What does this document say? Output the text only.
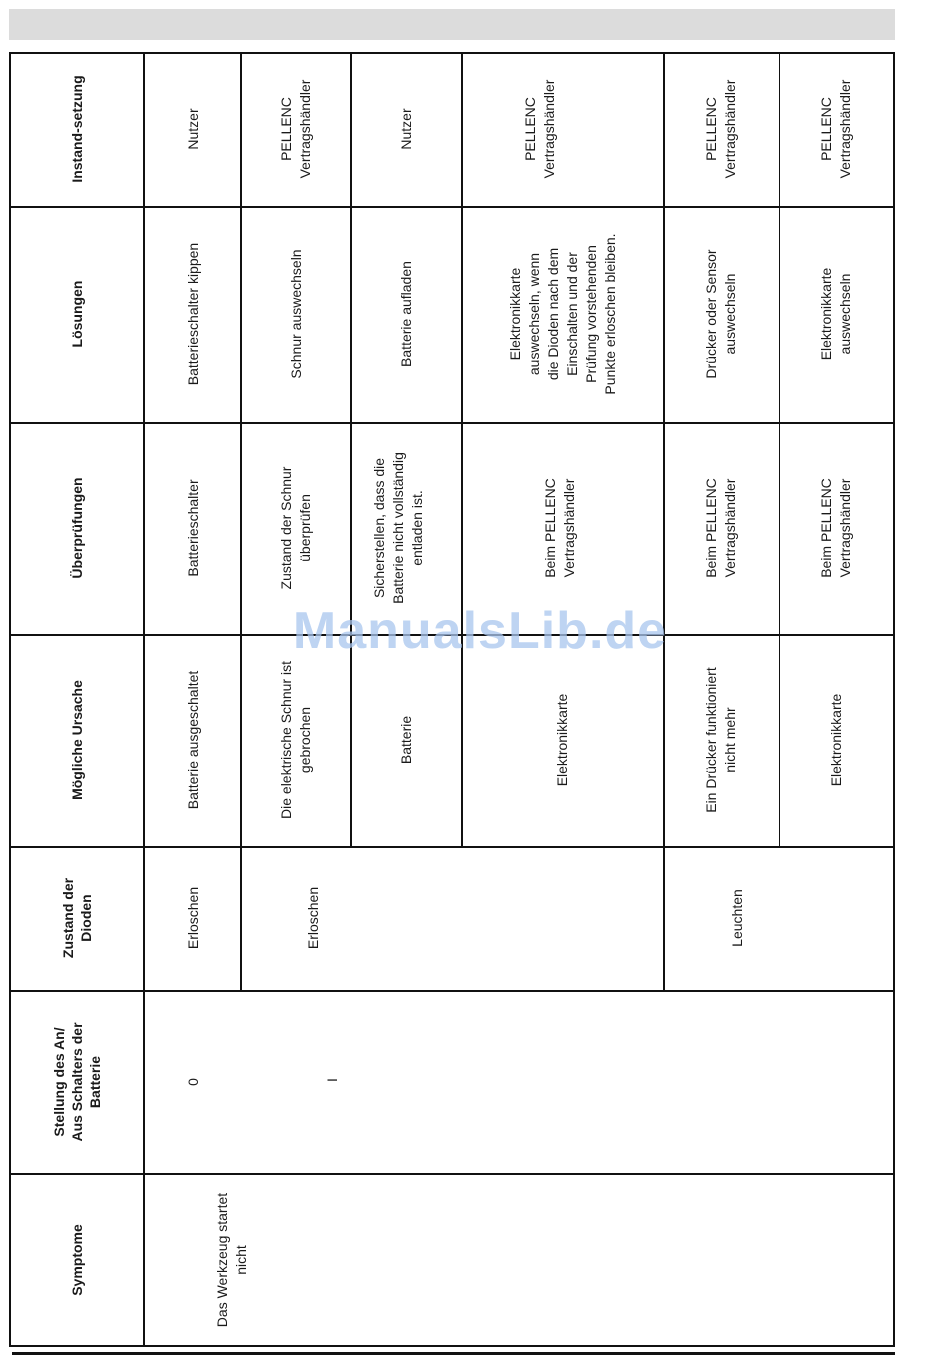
Instand-setzung
Lösungen
Überprüfungen
Mögliche Ursache
Zustand der
Dioden
Stellung des An/
Aus Schalters der
Batterie
Symptome
Nutzer
Batterieschalter kippen
Batterieschalter
Batterie ausgeschaltet
Erloschen
0
PELLENC
Vertragshändler
Schnur auswechseln
Zustand der Schnur
überprüfen
Die elektrische Schnur ist
gebrochen
Nutzer
Batterie aufladen
Sicherstellen, dass die
Batterie nicht vollständig
entladen ist.
Batterie
PELLENC
Vertragshändler
Elektronikkarte
auswechseln, wenn
die Dioden nach dem
Einschalten und der
Prüfung vorstehenden
Punkte erloschen bleiben.
Beim PELLENC
Vertragshändler
Elektronikkarte
PELLENC
Vertragshändler
Drücker oder Sensor
auswechseln
Beim PELLENC
Vertragshändler
Ein Drücker funktioniert
nicht mehr
PELLENC
Vertragshändler
Elektronikkarte
auswechseln
Beim PELLENC
Vertragshändler
Elektronikkarte
Erloschen	Leuchten
I
Das Werkzeug startet
nicht
ManualsLib.de
